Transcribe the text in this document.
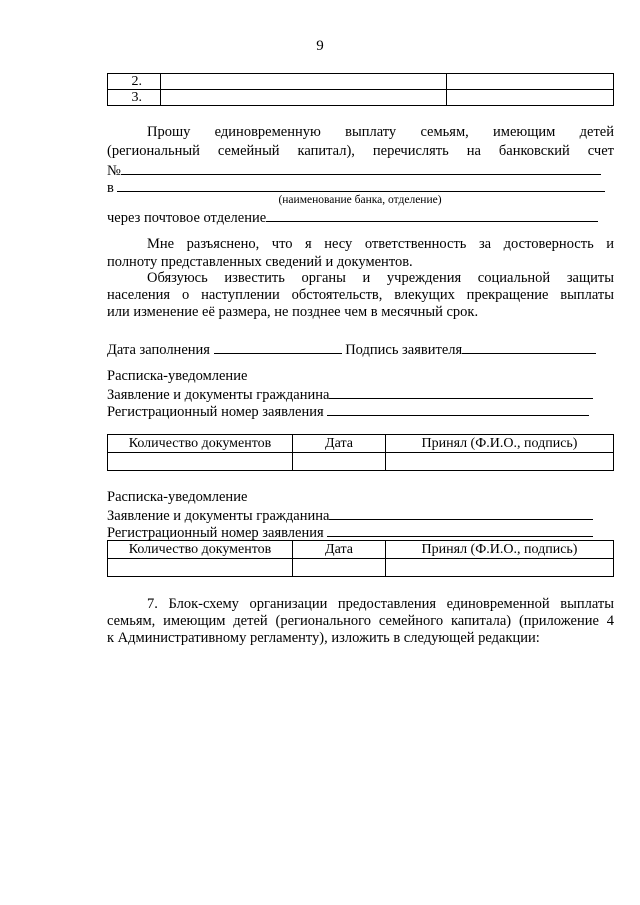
9
2.		
3.		
Прошу единовременную выплату семьям, имеющим детей
(региональный семейный капитал), перечислять на банковский счет
№
в
(наименование банка, отделение)
через почтовое отделение
Мне разъяснено, что я несу ответственность за достоверность и
полноту представленных сведений и документов.
Обязуюсь известить органы и учреждения социальной защиты
населения о наступлении обстоятельств, влекущих прекращение выплаты
или изменение её размера, не позднее чем в месячный срок.
Дата заполнения	Подпись заявителя
Расписка-уведомление
Заявление и документы гражданина
Регистрационный номер заявления
Количество документов	Дата	Принял (Ф.И.О., подпись)

Расписка-уведомление
Заявление и документы гражданина
Регистрационный номер заявления
Количество документов	Дата	Принял (Ф.И.О., подпись)

7. Блок-схему организации предоставления единовременной выплаты
семьям, имеющим детей (регионального семейного капитала) (приложение 4
к Административному регламенту), изложить в следующей редакции:
